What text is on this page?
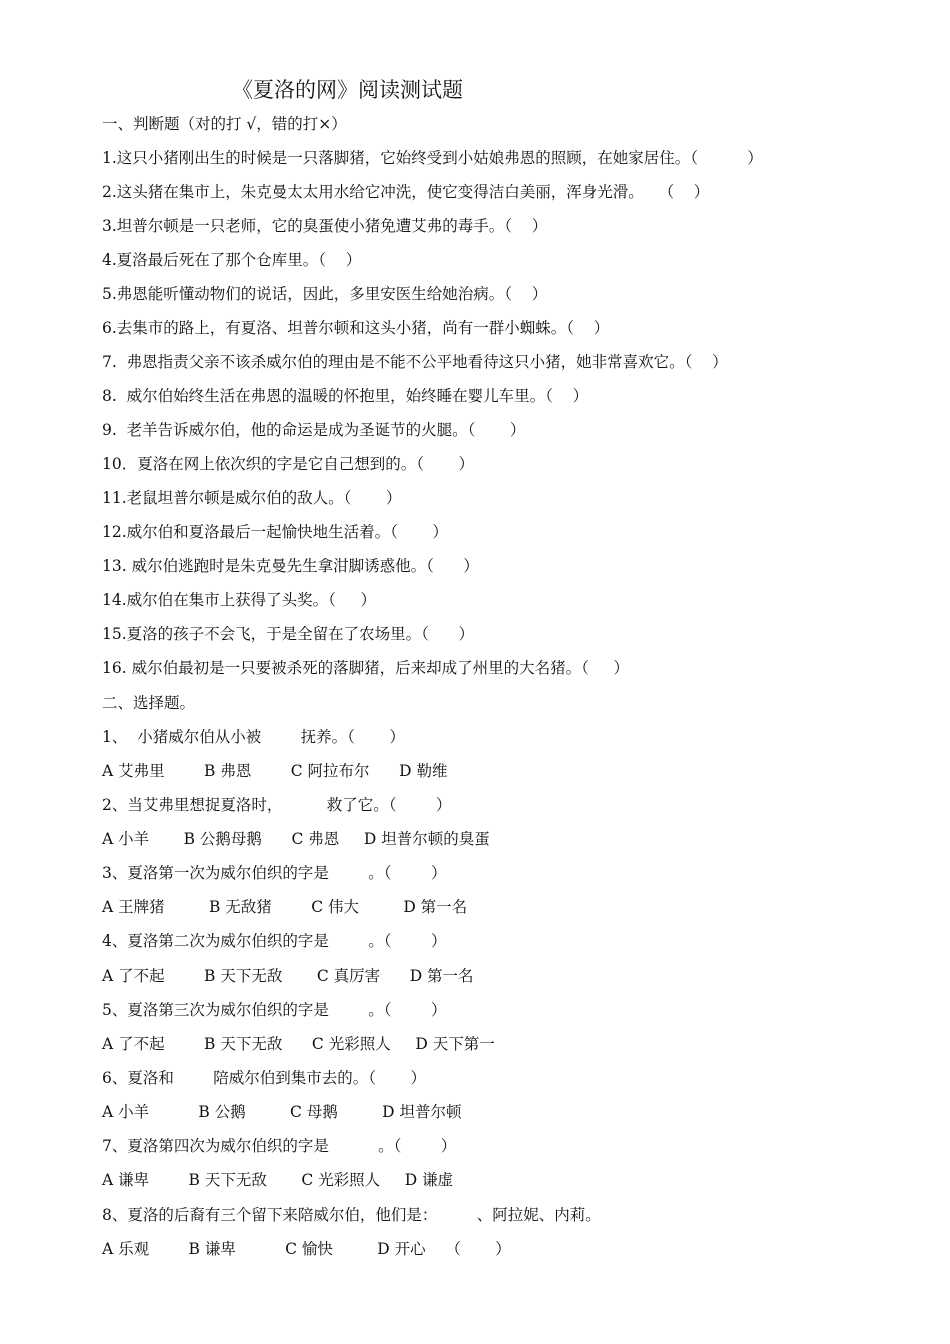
《夏洛的网》阅读测试题
一、判断题（对的打 √，错的打×）
1.这只小猪刚出生的时候是一只落脚猪，它始终受到小姑娘弗恩的照顾，在她家居住。（          ）
2.这头猪在集市上，朱克曼太太用水给它冲洗，使它变得洁白美丽，浑身光滑。   （    ）
3.坦普尔顿是一只老师，它的臭蛋使小猪免遭艾弗的毒手。（    ）
4.夏洛最后死在了那个仓库里。（    ）
5.弗恩能听懂动物们的说话，因此，多里安医生给她治病。（    ）
6.去集市的路上，有夏洛、坦普尔顿和这头小猪，尚有一群小蜘蛛。（    ）
7.  弗恩指责父亲不该杀威尔伯的理由是不能不公平地看待这只小猪，她非常喜欢它。（    ）
8.  威尔伯始终生活在弗恩的温暖的怀抱里，始终睡在婴儿车里。（    ）
9.  老羊告诉威尔伯，他的命运是成为圣诞节的火腿。（       ）
10．夏洛在网上依次织的字是它自己想到的。（       ）
11.老鼠坦普尔顿是威尔伯的敌人。（       ）
12.威尔伯和夏洛最后一起愉快地生活着。（       ）
13. 威尔伯逃跑时是朱克曼先生拿泔脚诱惑他。（      ）
14.威尔伯在集市上获得了头奖。（     ）
15.夏洛的孩子不会飞，于是全留在了农场里。（      ）
16. 威尔伯最初是一只要被杀死的落脚猪，后来却成了州里的大名猪。（     ）
二、选择题。
1、  小猪威尔伯从小被        抚养。（       ）
A 艾弗里        B 弗恩        C 阿拉布尔      D 勒维
2、当艾弗里想捉夏洛时，         救了它。（        ）
A 小羊       B 公鹅母鹅      C 弗恩     D 坦普尔顿的臭蛋
3、夏洛第一次为威尔伯织的字是        。（        ）
A 王牌猪         B 无敌猪        C 伟大         D 第一名
4、夏洛第二次为威尔伯织的字是        。（        ）
A 了不起        B 天下无敌       C 真厉害      D 第一名
5、夏洛第三次为威尔伯织的字是        。（        ）
A 了不起        B 天下无敌      C 光彩照人     D 天下第一
6、夏洛和        陪威尔伯到集市去的。（       ）
A 小羊          B 公鹅         C 母鹅         D 坦普尔顿
7、夏洛第四次为威尔伯织的字是          。（        ）
A 谦卑        B 天下无敌       C 光彩照人     D 谦虚
8、夏洛的后裔有三个留下来陪威尔伯，他们是：        、阿拉妮、内莉。
A 乐观        B 谦卑          C 愉快         D 开心    （       ）
